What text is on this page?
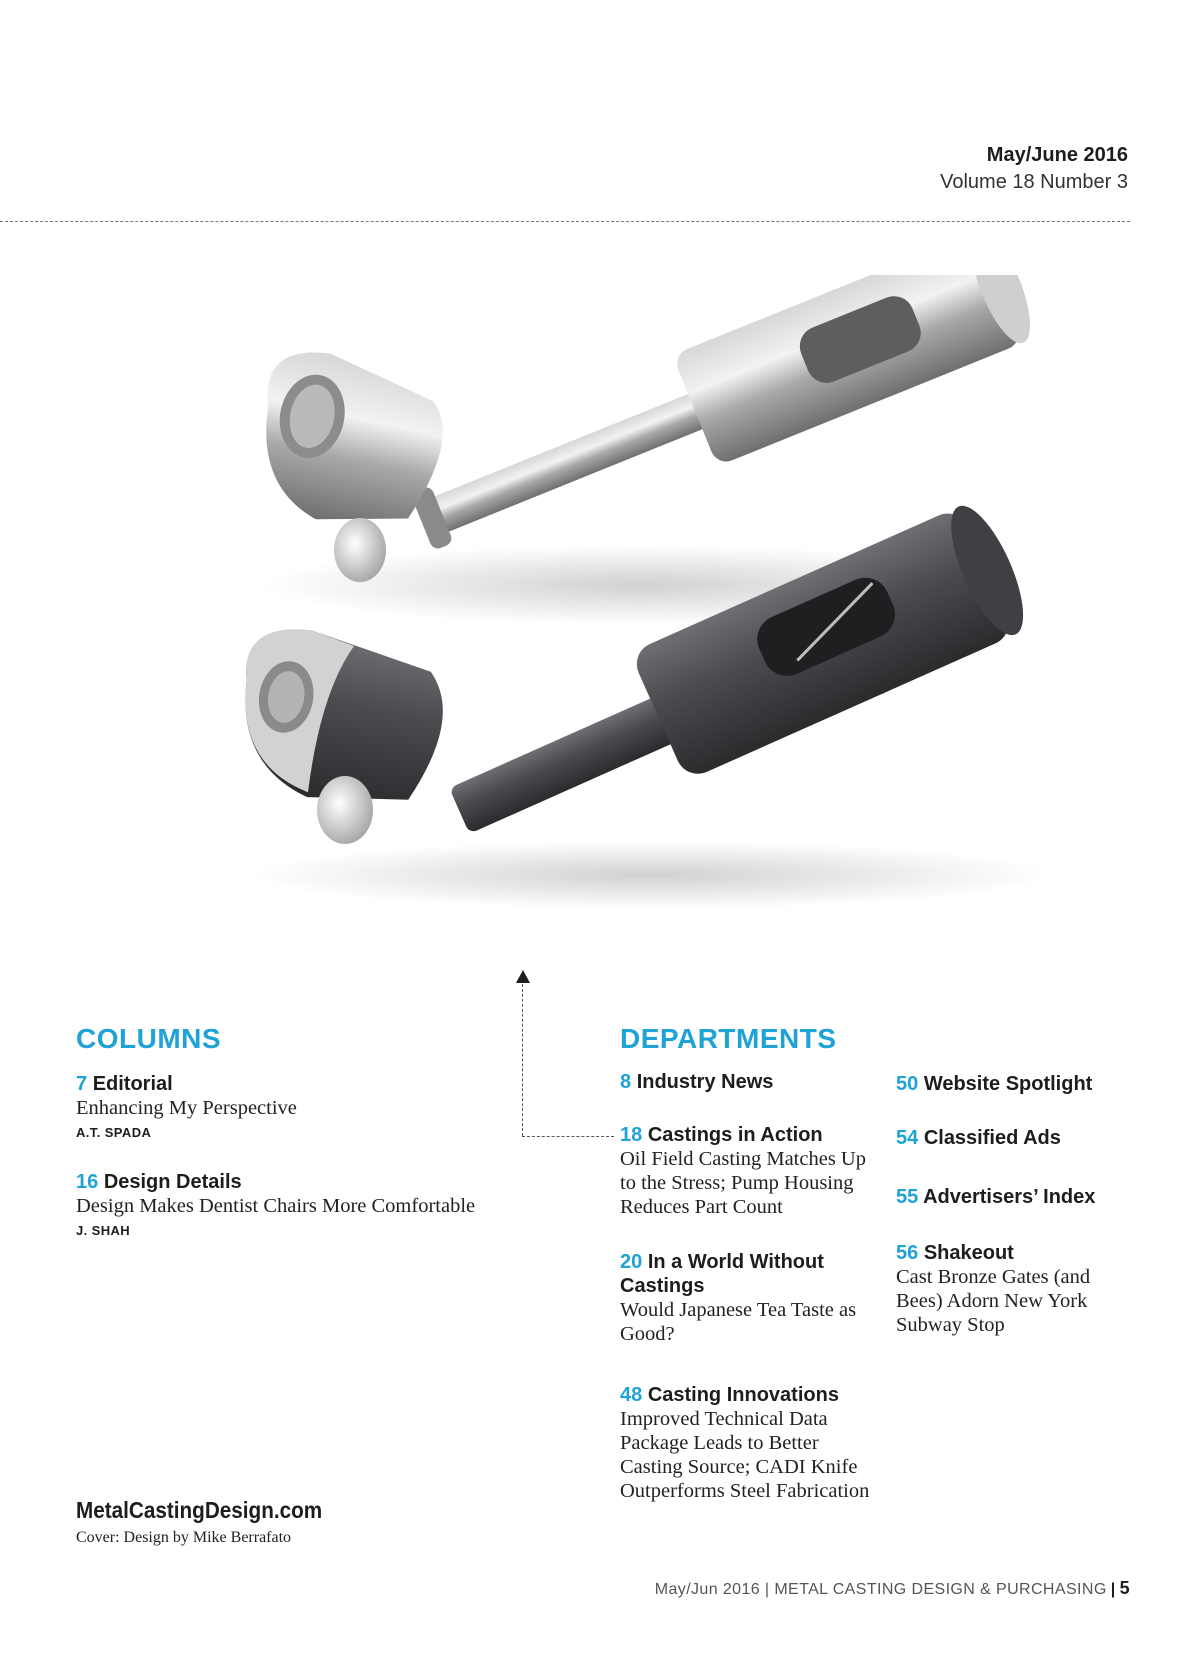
May/June 2016
Volume 18 Number 3
COLUMNS
7 Editorial
Enhancing My Perspective
A.T. SPADA
16 Design Details
Design Makes Dentist Chairs More Comfortable
J. SHAH
DEPARTMENTS
8 Industry News
18 Castings in Action
Oil Field Casting Matches Up to the Stress; Pump Housing Reduces Part Count
20 In a World Without Castings
Would Japanese Tea Taste as Good?
48 Casting Innovations
Improved Technical Data Package Leads to Better Casting Source; CADI Knife Outperforms Steel Fabrication
50 Website Spotlight
54 Classified Ads
55 Advertisers’ Index
56 Shakeout
Cast Bronze Gates (and Bees) Adorn New York Subway Stop
MetalCastingDesign.com
Cover: Design by Mike Berrafato
May/Jun 2016 | METAL CASTING DESIGN & PURCHASING | 5
